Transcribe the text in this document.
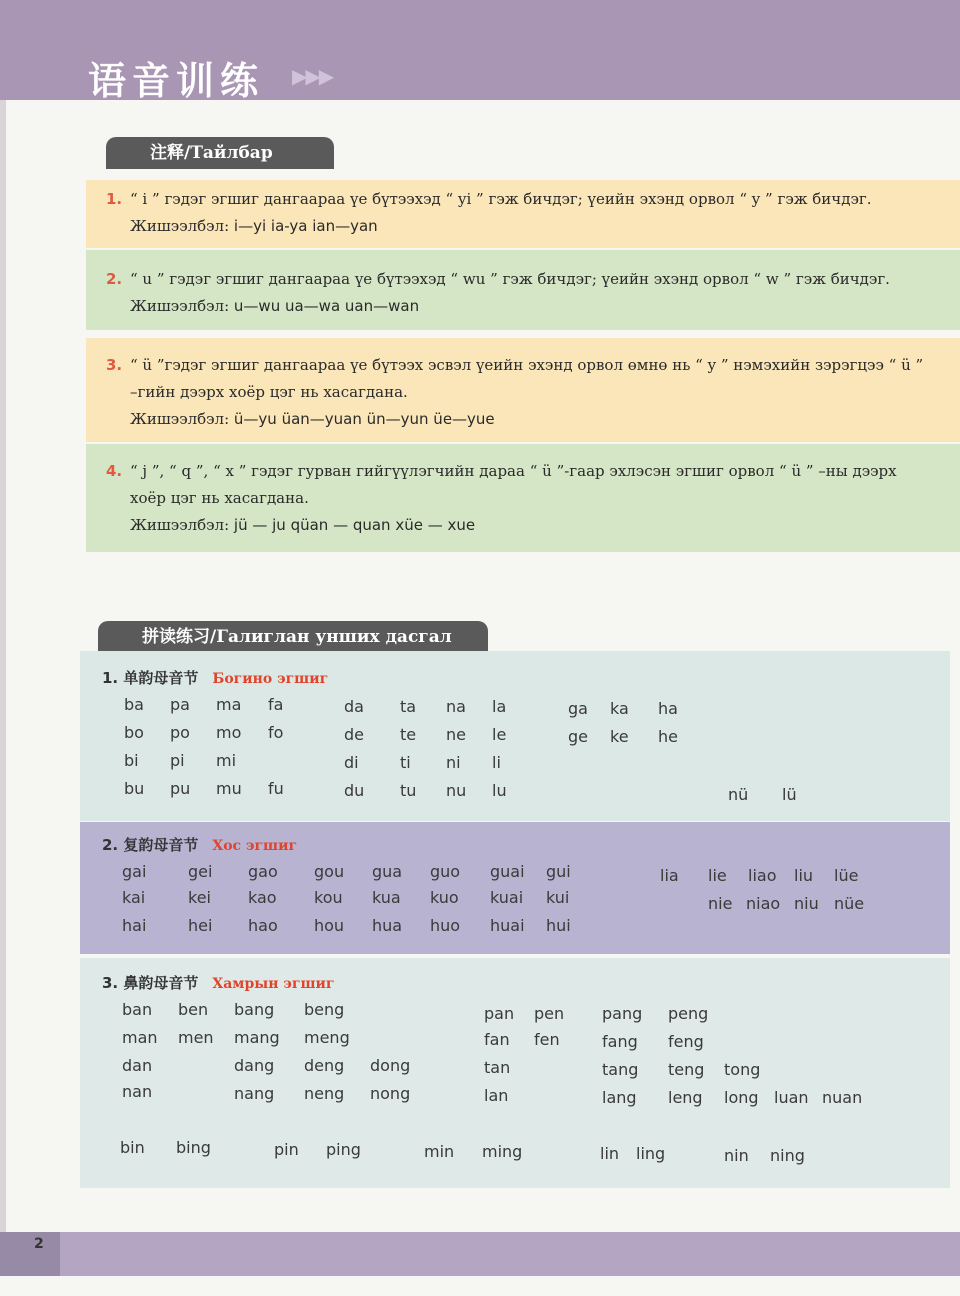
语音训练 ▶▶▶
注释/Тайлбар
1. “ i ” гэдэг эгшиг дангаараа үе бүтээхэд “ yi ” гэж бичдэг; үеийн эхэнд орвол “ y ” гэж бичдэг.
Жишээлбэл: i—yi ia-ya ian—yan
2. “ u ” гэдэг эгшиг дангаараа үе бүтээхэд “ wu ” гэж бичдэг; үеийн эхэнд орвол “ w ” гэж бичдэг.
Жишээлбэл: u—wu ua—wa uan—wan
3. “ ü ”гэдэг эгшиг дангаараа үе бүтээх эсвэл үеийн эхэнд орвол өмнө нь “ y ” нэмэхийн зэрэгцээ “ ü ”
–гийн дээрх хоёр цэг нь хасагдана.
Жишээлбэл: ü—yu üan—yuan ün—yun üe—yue
4. “ j ”, “ q ”, “ x ” гэдэг гурван гийгүүлэгчийн дараа “ ü ”-гаар эхлэсэн эгшиг орвол “ ü ” –ны дээрх
хоёр цэг нь хасагдана.
Жишээлбэл: jü — ju qüan — quan xüe — xue
拼读练习/Галиглан унших дасгал
1. 单韵母音节 Богино эгшиг
ba pa ma fa	da ta na la	ga ka ha
bo po mo fo	de te ne le	ge ke he
bi pi mi	di	ti ni li
bu pu mu fu	du tu nu lu	nü lü
2. 复韵母音节 Хос эгшиг
gai	gei gao gou gua guo guai gui	lia lie liao liu lüe
kai	kei kao kou kua kuo kuai kui	nie niao niu nüe
hai	hei hao hou hua huo huai hui
3. 鼻韵母音节 Хамрын эгшиг
ban ben bang beng	pan pen pang peng
man men mang meng	fan fen	fang feng
dan	dang deng dong	tan	tang teng tong
nan	nang neng nong	lan	lang leng long luan nuan
bin bing	pin ping	min ming	lin ling	nin ning
2
